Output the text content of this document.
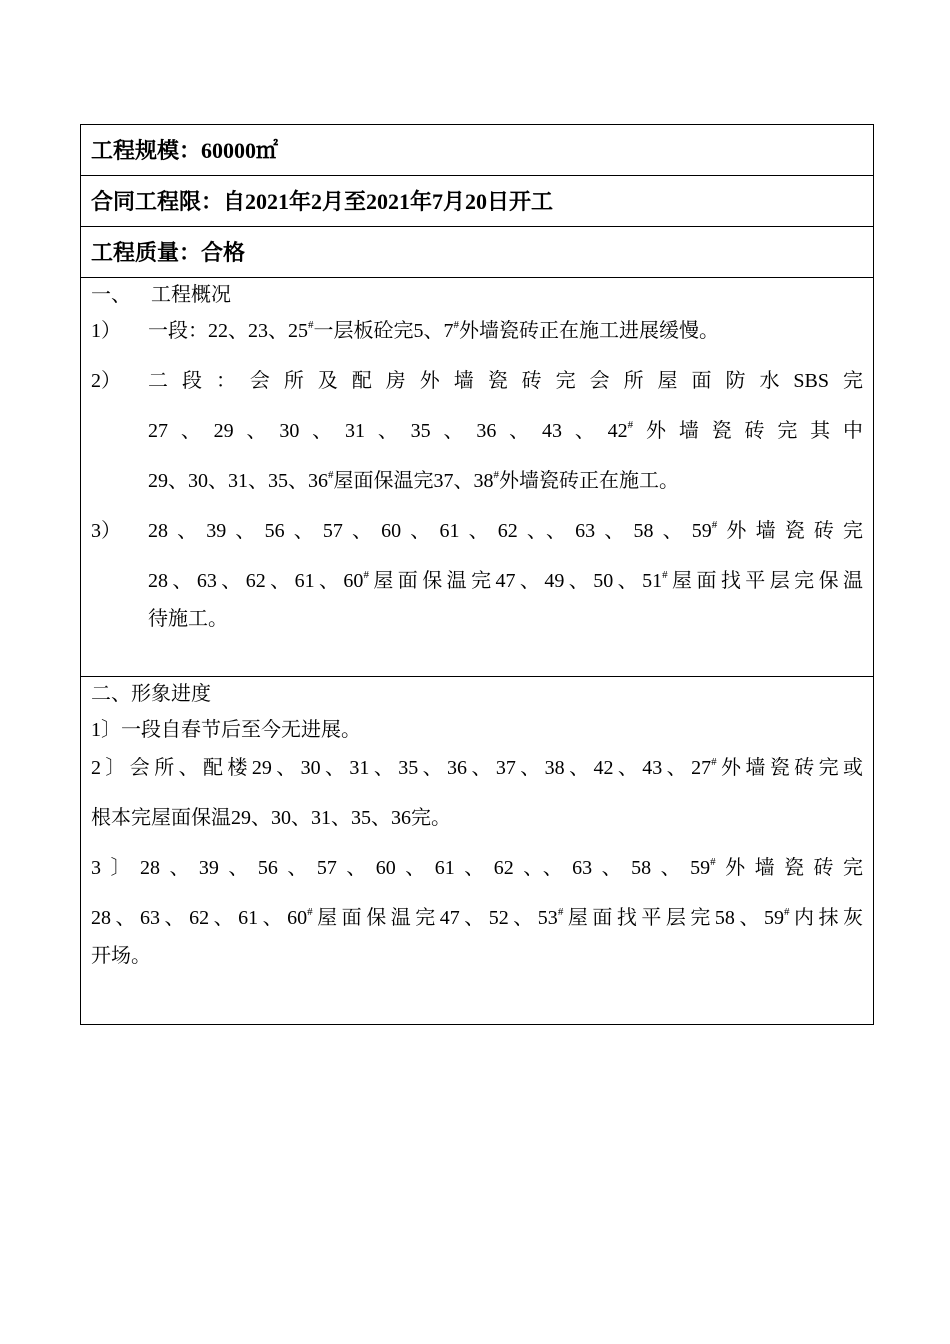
工程规模：60000㎡
合同工程限：自2021年2月至2021年7月20日开工
工程质量：合格
一、    工程概况
1）	一段：22、23、25#一层板砼完5、7#外墙瓷砖正在施工进展缓慢。
2）	二段：会所及配房外墙瓷砖完会所屋面防水SBS完
27、29、30、31、35、36、43、42#外墙瓷砖完其中
29、30、31、35、36#屋面保温完37、38#外墙瓷砖正在施工。
3）	28、39、56、57、60、61、62、、63、58、59#外墙瓷砖完
28、63、62、61、60#屋面保温完47、49、50、51#屋面找平层完保温
待施工。
二、形象进度
1〕一段自春节后至今无进展。
2〕会所、配楼29、30、31、35、36、37、38、42、43、27#外墙瓷砖完或
根本完屋面保温29、30、31、35、36完。
3〕28、39、56、57、60、61、62、、63、58、59#外墙瓷砖完
28、63、62、61、60#屋面保温完47、52、53#屋面找平层完58、59#内抹灰
开场。
